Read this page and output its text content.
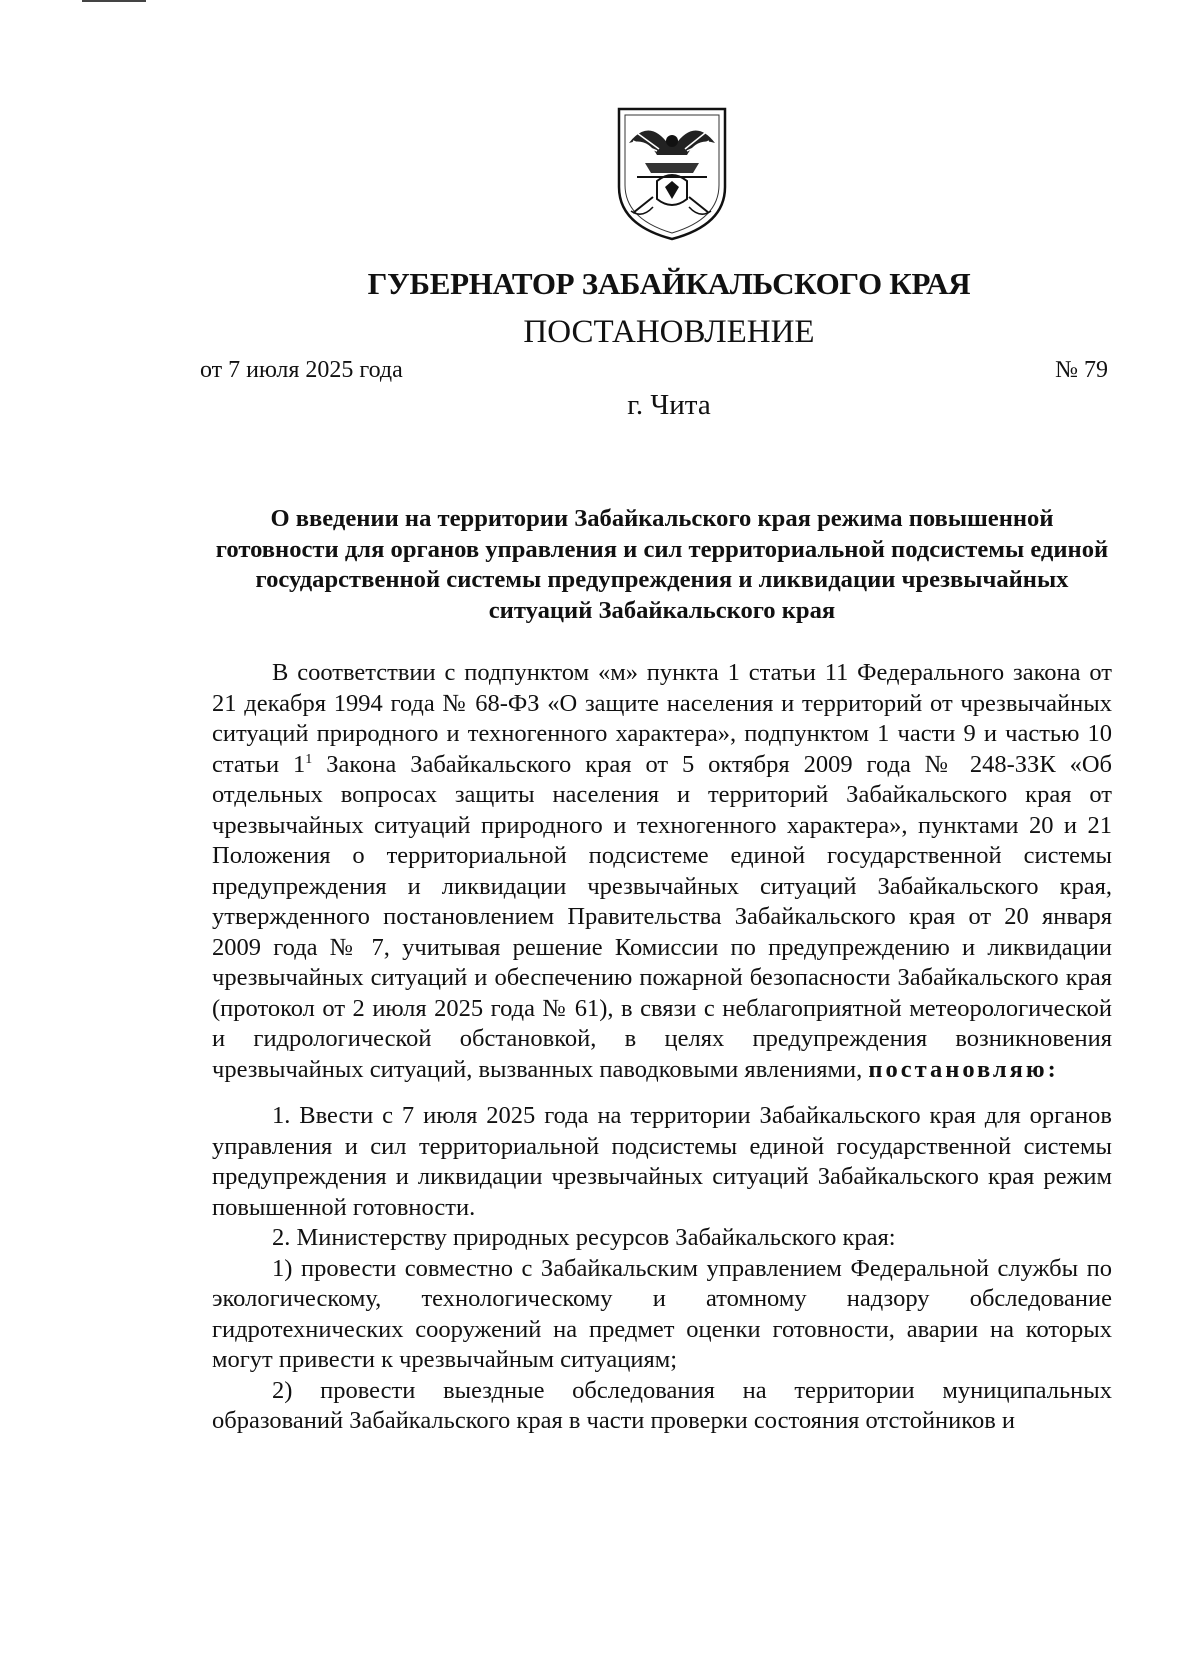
ГУБЕРНАТОР ЗАБАЙКАЛЬСКОГО КРАЯ
ПОСТАНОВЛЕНИЕ
от 7 июля 2025 года	№ 79
г. Чита
О введении на территории Забайкальского края режима повышенной готовности для органов управления и сил территориальной подсистемы единой государственной системы предупреждения и ликвидации чрезвычайных ситуаций Забайкальского края

В соответствии с подпунктом «м» пункта 1 статьи 11 Федерального закона от 21 декабря 1994 года № 68-ФЗ «О защите населения и территорий от чрезвычайных ситуаций природного и техногенного характера», подпунктом 1 части 9 и частью 10 статьи $1^1$ Закона Забайкальского края от 5 октября 2009 года № 248-ЗЗК «Об отдельных вопросах защиты населения и территорий Забайкальского края от чрезвычайных ситуаций природного и техногенного характера», пунктами 20 и 21 Положения о территориальной подсистеме единой государственной системы предупреждения и ликвидации чрезвычайных ситуаций Забайкальского края, утвержденного постановлением Правительства Забайкальского края от 20 января 2009 года № 7, учитывая решение Комиссии по предупреждению и ликвидации чрезвычайных ситуаций и обеспечению пожарной безопасности Забайкальского края (протокол от 2 июля 2025 года № 61), в связи с неблагоприятной метеорологической и гидрологической обстановкой, в целях предупреждения возникновения чрезвычайных ситуаций, вызванных паводковыми явлениями, постановляю:

1. Ввести с 7 июля 2025 года на территории Забайкальского края для органов управления и сил территориальной подсистемы единой государственной системы предупреждения и ликвидации чрезвычайных ситуаций Забайкальского края режим повышенной готовности.

2. Министерству природных ресурсов Забайкальского края:

1) провести совместно с Забайкальским управлением Федеральной службы по экологическому, технологическому и атомному надзору обследование гидротехнических сооружений на предмет оценки готовности, аварии на которых могут привести к чрезвычайным ситуациям;

2) провести выездные обследования на территории муниципальных образований Забайкальского края в части проверки состояния отстойников и
